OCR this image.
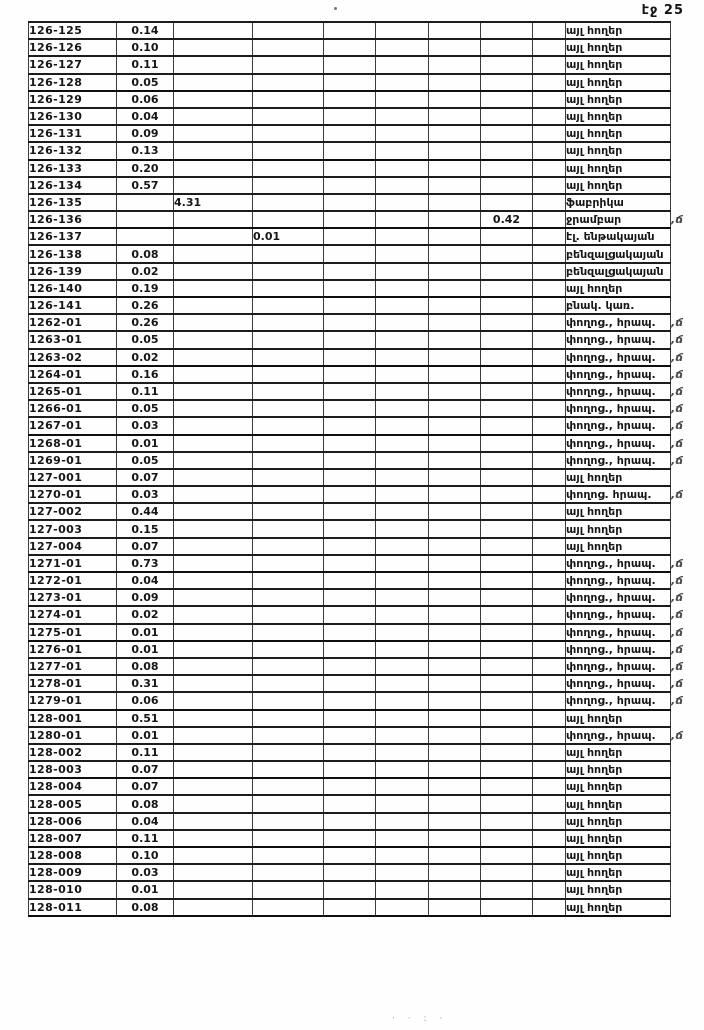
էջ 25
126-125	0.14								այլ հողեր	
126-126	0.10								այլ հողեր	
126-127	0.11								այլ հողեր	
126-128	0.05								այլ հողեր	
126-129	0.06								այլ հողեր	
126-130	0.04								այլ հողեր	
126-131	0.09								այլ հողեր	
126-132	0.13								այլ հողեր	
126-133	0.20								այլ հողեր	
126-134	0.57								այլ հողեր	
126-135		4.31							ֆաբրիկա	
126-136							0.42		ջրամբար	,ճ
126-137			0.01						էլ. ենթակայան	
126-138	0.08								բենզալցակայան	
126-139	0.02								բենզալցակայան	
126-140	0.19								այլ հողեր	
126-141	0.26								բնակ. կառ.	
1262-01	0.26								փողոց., հրապ.	,ճ
1263-01	0.05								փողոց., հրապ.	,ճ
1263-02	0.02								փողոց., հրապ.	,ճ
1264-01	0.16								փողոց., հրապ.	,ճ
1265-01	0.11								փողոց., հրապ.	,ճ
1266-01	0.05								փողոց., հրապ.	,ճ
1267-01	0.03								փողոց., հրապ.	,ճ
1268-01	0.01								փողոց., հրապ.	,ճ
1269-01	0.05								փողոց., հրապ.	,ճ
127-001	0.07								այլ հողեր	
1270-01	0.03								փողոց. հրապ.	,ճ
127-002	0.44								այլ հողեր	
127-003	0.15								այլ հողեր	
127-004	0.07								այլ հողեր	
1271-01	0.73								փողոց., հրապ.	,ճ
1272-01	0.04								փողոց., հրապ.	,ճ
1273-01	0.09								փողոց., հրապ.	,ճ
1274-01	0.02								փողոց., հրապ.	,ճ
1275-01	0.01								փողոց., հրապ.	,ճ
1276-01	0.01								փողոց., հրապ.	,ճ
1277-01	0.08								փողոց., հրապ.	,ճ
1278-01	0.31								փողոց., հրապ.	,ճ
1279-01	0.06								փողոց., հրապ.	,ճ
128-001	0.51								այլ հողեր	
1280-01	0.01								փողոց., հրապ.	,ճ
128-002	0.11								այլ հողեր	
128-003	0.07								այլ հողեր	
128-004	0.07								այլ հողեր	
128-005	0.08								այլ հողեր	
128-006	0.04								այլ հողեր	
128-007	0.11								այլ հողեր	
128-008	0.10								այլ հողեր	
128-009	0.03								այլ հողեր	
128-010	0.01								այլ հողեր	
128-011	0.08								այլ հողեր	
· · : ·
